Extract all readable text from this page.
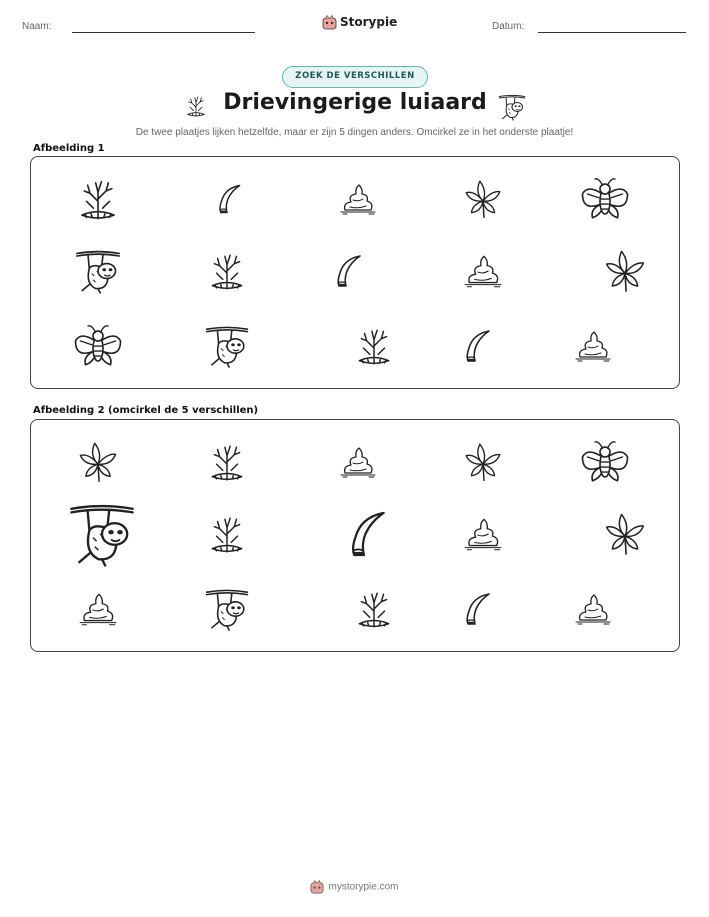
Naam:	Storypie	Datum:
ZOEK DE VERSCHILLEN
Drievingerige luiaard
De twee plaatjes lijken hetzelfde, maar er zijn 5 dingen anders. Omcirkel ze in het onderste plaatje!
Afbeelding 1
Afbeelding 2 (omcirkel de 5 verschillen)
mystorypie.com
